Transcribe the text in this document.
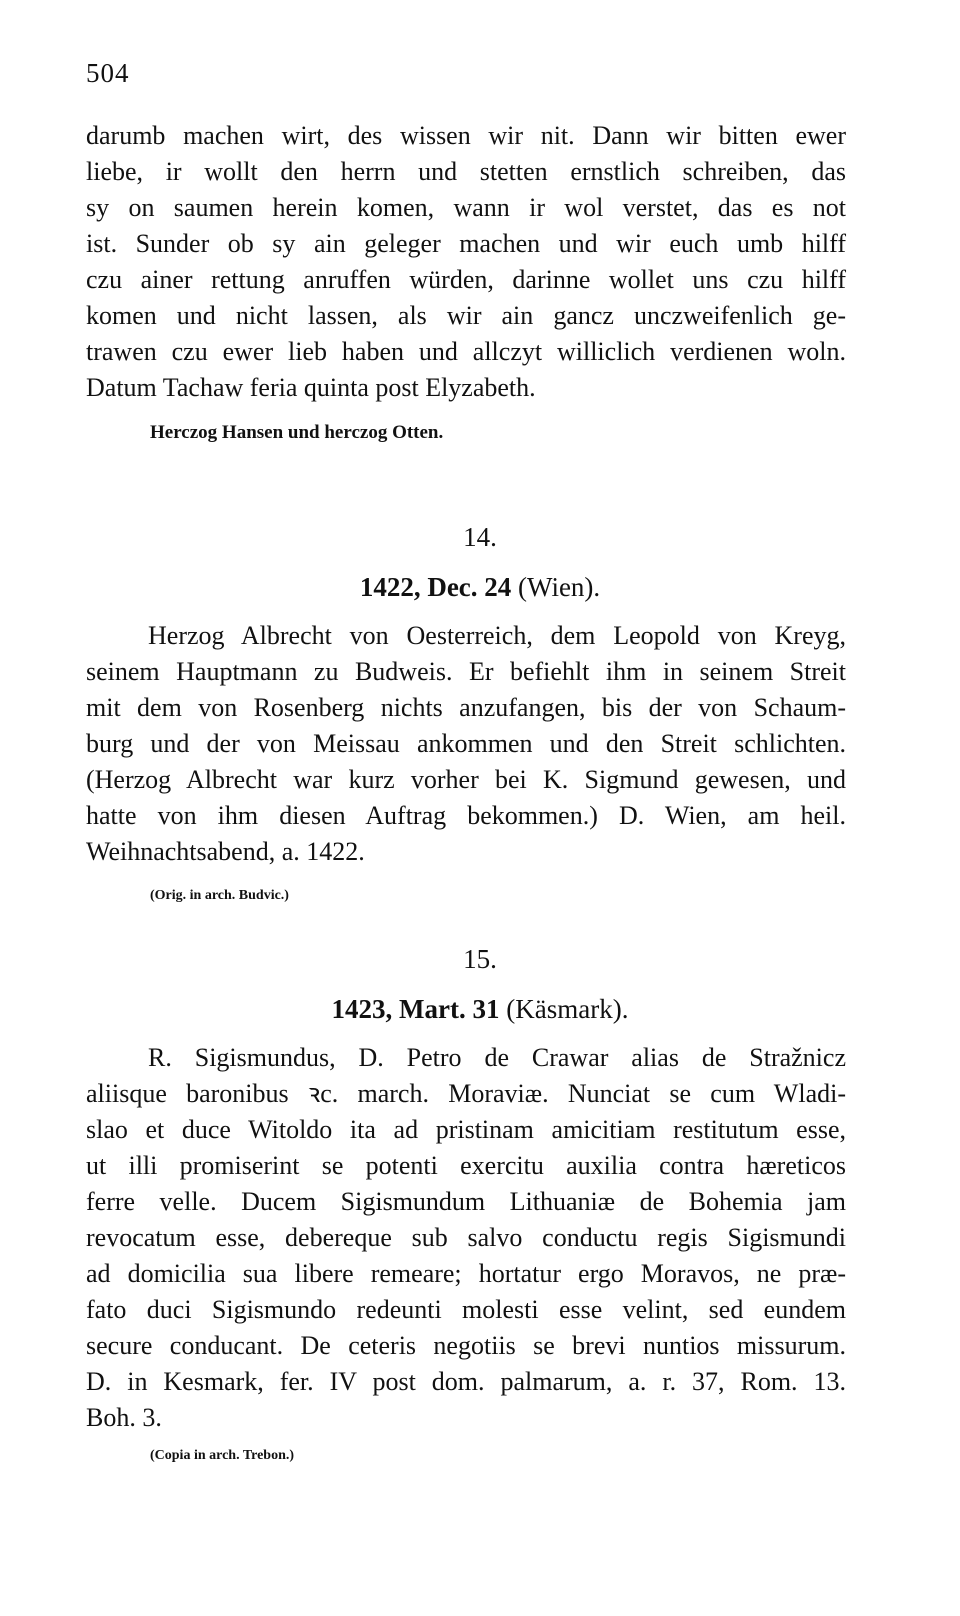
504
darumb machen wirt, des wissen wir nit. Dann wir bitten ewer
liebe, ir wollt den herrn und stetten ernstlich schreiben, das
sy on saumen herein komen, wann ir wol verstet, das es not
ist. Sunder ob sy ain geleger machen und wir euch umb hilff
czu ainer rettung anruffen würden, darinne wollet uns czu hilff
komen und nicht lassen, als wir ain gancz unczweifenlich ge-
trawen czu ewer lieb haben und allczyt williclich verdienen woln.
Datum Tachaw feria quinta post Elyzabeth.
Herczog Hansen und herczog Otten.
14.
1422, Dec. 24 (Wien).
Herzog Albrecht von Oesterreich, dem Leopold von Kreyg,
seinem Hauptmann zu Budweis. Er befiehlt ihm in seinem Streit
mit dem von Rosenberg nichts anzufangen, bis der von Schaum-
burg und der von Meissau ankommen und den Streit schlichten.
(Herzog Albrecht war kurz vorher bei K. Sigmund gewesen, und
hatte von ihm diesen Auftrag bekommen.) D. Wien, am heil.
Weihnachtsabend, a. 1422.
(Orig. in arch. Budvic.)
15.
1423, Mart. 31 (Käsmark).
R. Sigismundus, D. Petro de Crawar alias de Stražnicz
aliisque baronibus ꝛc. march. Moraviæ. Nunciat se cum Wladi-
slao et duce Witoldo ita ad pristinam amicitiam restitutum esse,
ut illi promiserint se potenti exercitu auxilia contra hæreticos
ferre velle. Ducem Sigismundum Lithuaniæ de Bohemia jam
revocatum esse, debereque sub salvo conductu regis Sigismundi
ad domicilia sua libere remeare; hortatur ergo Moravos, ne præ-
fato duci Sigismundo redeunti molesti esse velint, sed eundem
secure conducant. De ceteris negotiis se brevi nuntios missurum.
D. in Kesmark, fer. IV post dom. palmarum, a. r. 37, Rom. 13.
Boh. 3.
(Copia in arch. Trebon.)
